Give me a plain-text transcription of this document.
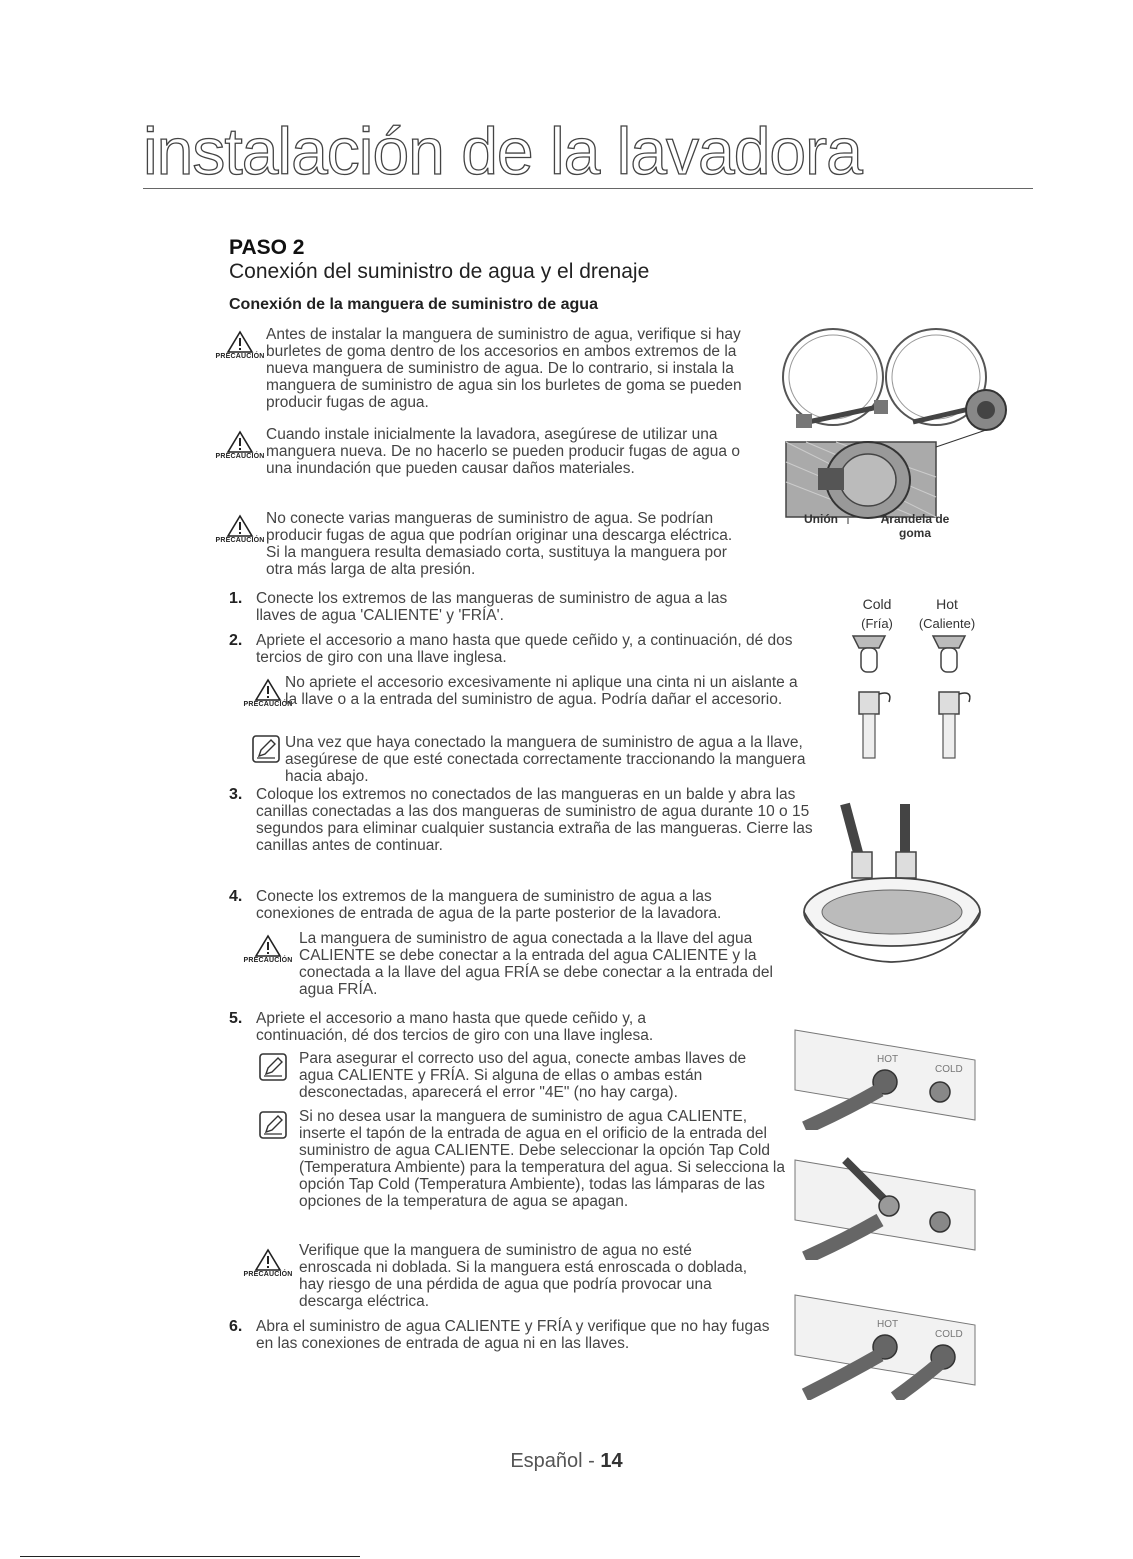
instalación de la lavadora
PASO 2
Conexión del suministro de agua y el drenaje
Conexión de la manguera de suministro de agua
PRECAUCIÓN
Antes de instalar la manguera de suministro de agua, verifique si hay burletes de goma dentro de los accesorios en ambos extremos de la nueva manguera de suministro de agua. De lo contrario, si instala la manguera de suministro de agua sin los burletes de goma se pueden producir fugas de agua.
PRECAUCIÓN
Cuando instale inicialmente la lavadora, asegúrese de utilizar una manguera nueva. De no hacerlo se pueden producir fugas de agua o una inundación que pueden causar daños materiales.
PRECAUCIÓN
No conecte varias mangueras de suministro de agua. Se podrían producir fugas de agua que podrían originar una descarga eléctrica. Si la manguera resulta demasiado corta, sustituya la manguera por otra más larga de alta presión.
1. Conecte los extremos de las mangueras de suministro de agua a las llaves de agua 'CALIENTE' y 'FRÍA'.
2. Apriete el accesorio a mano hasta que quede ceñido y, a continuación, dé dos tercios de giro con una llave inglesa.
PRECAUCIÓN
No apriete el accesorio excesivamente ni aplique una cinta ni un aislante a la llave o a la entrada del suministro de agua. Podría dañar el accesorio.
Una vez que haya conectado la manguera de suministro de agua a la llave, asegúrese de que esté conectada correctamente traccionando la manguera hacia abajo.
3. Coloque los extremos no conectados de las mangueras en un balde y abra las canillas conectadas a las dos mangueras de suministro de agua durante 10 o 15 segundos para eliminar cualquier sustancia extraña de las mangueras. Cierre las canillas antes de continuar.
4. Conecte los extremos de la manguera de suministro de agua a las conexiones de entrada de agua de la parte posterior de la lavadora.
PRECAUCIÓN
La manguera de suministro de agua conectada a la llave del agua CALIENTE se debe conectar a la entrada del agua CALIENTE y la conectada a la llave del agua FRÍA se debe conectar a la entrada del agua FRÍA.
5. Apriete el accesorio a mano hasta que quede ceñido y, a continuación, dé dos tercios de giro con una llave inglesa.
Para asegurar el correcto uso del agua, conecte ambas llaves de agua CALIENTE y FRÍA. Si alguna de ellas o ambas están desconectadas, aparecerá el error "4E" (no hay carga).
Si no desea usar la manguera de suministro de agua CALIENTE, inserte el tapón de la entrada de agua en el orificio de la entrada del suministro de agua CALIENTE. Debe seleccionar la opción Tap Cold (Temperatura Ambiente) para la temperatura del agua. Si selecciona la opción Tap Cold (Temperatura Ambiente), todas las lámparas de las opciones de la temperatura de agua se apagan.
PRECAUCIÓN
Verifique que la manguera de suministro de agua no esté enroscada ni doblada. Si la manguera está enroscada o doblada, hay riesgo de una pérdida de agua que podría provocar una descarga eléctrica.
6. Abra el suministro de agua CALIENTE y FRÍA y verifique que no hay fugas en las conexiones de entrada de agua ni en las llaves.
Unión	Arandela de goma
Cold	Hot
(Fría)	(Caliente)
HOT
COLD
HOT
COLD
Español - 14
